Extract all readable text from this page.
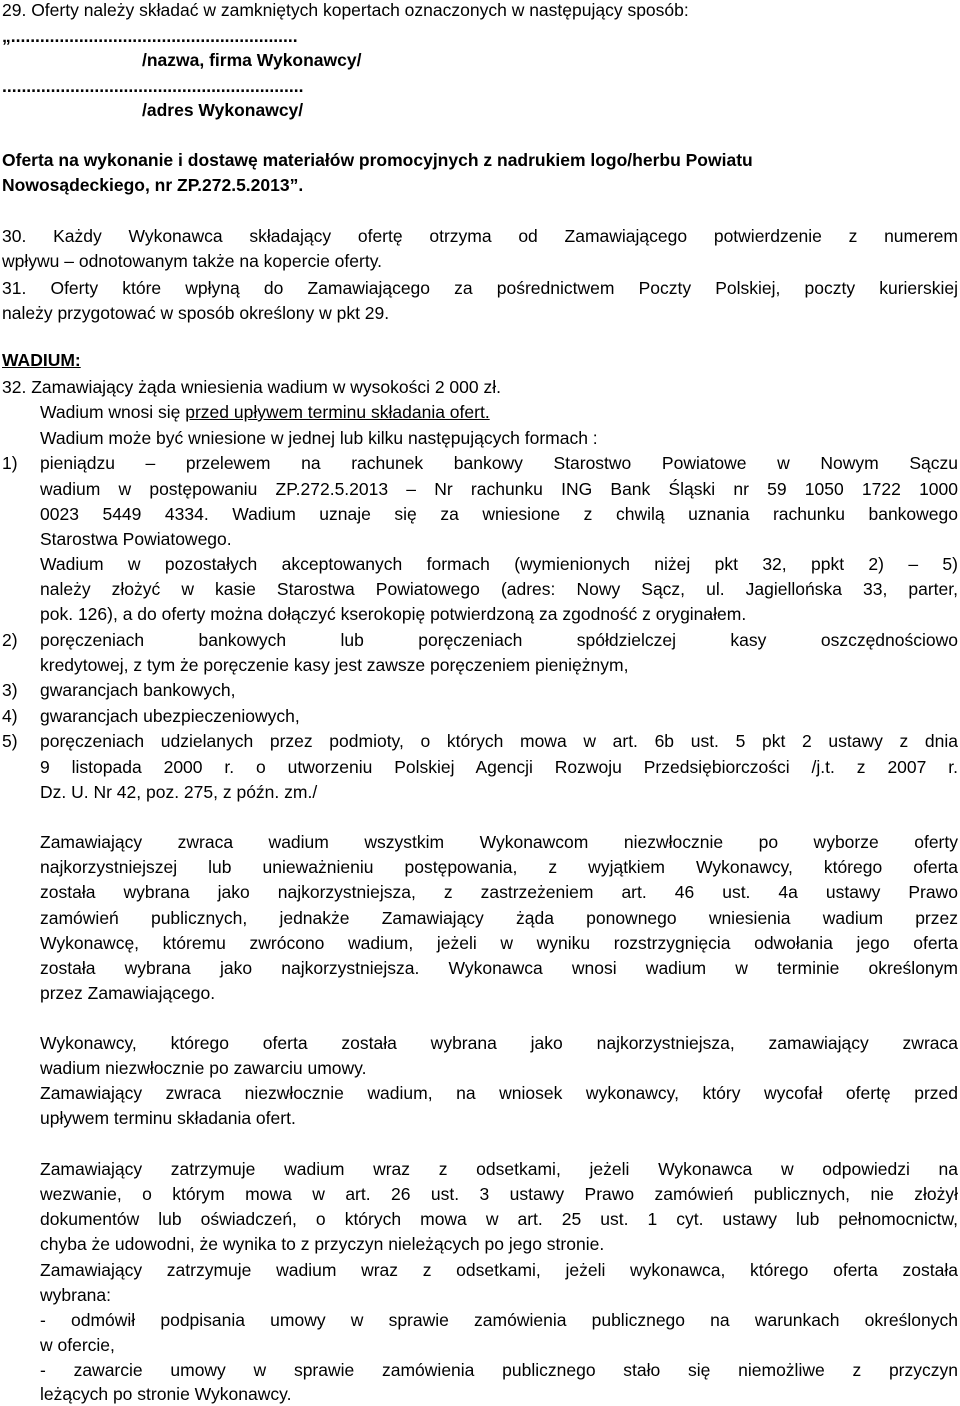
29. Oferty należy składać w zamkniętych kopertach oznaczonych w następujący sposób:
„...........................................................
/nazwa, firma Wykonawcy/
..............................................................
/adres Wykonawcy/
Oferta na wykonanie i dostawę materiałów promocyjnych z nadrukiem logo/herbu Powiatu
Nowosądeckiego, nr ZP.272.5.2013”.
30. Każdy Wykonawca składający ofertę otrzyma od Zamawiającego potwierdzenie z numerem
wpływu – odnotowanym także na kopercie oferty.
31. Oferty które wpłyną do Zamawiającego za pośrednictwem Poczty Polskiej, poczty kurierskiej
należy przygotować w sposób określony w pkt 29.
WADIUM:
32. Zamawiający żąda wniesienia wadium w wysokości 2 000 zł.
Wadium wnosi się przed upływem terminu składania ofert.
Wadium może być wniesione w jednej lub kilku następujących formach :
1) pieniądzu – przelewem na rachunek bankowy Starostwo Powiatowe w Nowym Sączu
wadium w postępowaniu ZP.272.5.2013 – Nr rachunku ING Bank Śląski nr 59 1050 1722 1000
0023 5449 4334. Wadium uznaje się za wniesione z chwilą uznania rachunku bankowego
Starostwa Powiatowego.
Wadium w pozostałych akceptowanych formach (wymienionych niżej pkt 32, ppkt 2) – 5)
należy złożyć w kasie Starostwa Powiatowego (adres: Nowy Sącz, ul. Jagiellońska 33, parter,
pok. 126), a do oferty można dołączyć kserokopię potwierdzoną za zgodność z oryginałem.
2) poręczeniach bankowych lub poręczeniach spółdzielczej kasy oszczędnościowo
kredytowej, z tym że poręczenie kasy jest zawsze poręczeniem pieniężnym,
3) gwarancjach bankowych,
4) gwarancjach ubezpieczeniowych,
5) poręczeniach udzielanych przez podmioty, o których mowa w art. 6b ust. 5 pkt 2 ustawy z dnia
9 listopada 2000 r. o utworzeniu Polskiej Agencji Rozwoju Przedsiębiorczości /j.t. z 2007 r.
Dz. U. Nr 42, poz. 275, z późn. zm./
Zamawiający zwraca wadium wszystkim Wykonawcom niezwłocznie po wyborze oferty
najkorzystniejszej lub unieważnieniu postępowania, z wyjątkiem Wykonawcy, którego oferta
została wybrana jako najkorzystniejsza, z zastrzeżeniem art. 46 ust. 4a ustawy Prawo
zamówień publicznych, jednakże Zamawiający żąda ponownego wniesienia wadium przez
Wykonawcę, któremu zwrócono wadium, jeżeli w wyniku rozstrzygnięcia odwołania jego oferta
została wybrana jako najkorzystniejsza. Wykonawca wnosi wadium w terminie określonym
przez Zamawiającego.
Wykonawcy, którego oferta została wybrana jako najkorzystniejsza, zamawiający zwraca
wadium niezwłocznie po zawarciu umowy.
Zamawiający zwraca niezwłocznie wadium, na wniosek wykonawcy, który wycofał ofertę przed
upływem terminu składania ofert.
Zamawiający zatrzymuje wadium wraz z odsetkami, jeżeli Wykonawca w odpowiedzi na
wezwanie, o którym mowa w art. 26 ust. 3 ustawy Prawo zamówień publicznych, nie złożył
dokumentów lub oświadczeń, o których mowa w art. 25 ust. 1 cyt. ustawy lub pełnomocnictw,
chyba że udowodni, że wynika to z przyczyn nieleżących po jego stronie.
Zamawiający zatrzymuje wadium wraz z odsetkami, jeżeli wykonawca, którego oferta została
wybrana:
- odmówił podpisania umowy w sprawie zamówienia publicznego na warunkach określonych
w ofercie,
- zawarcie umowy w sprawie zamówienia publicznego stało się niemożliwe z przyczyn
leżących po stronie Wykonawcy.
